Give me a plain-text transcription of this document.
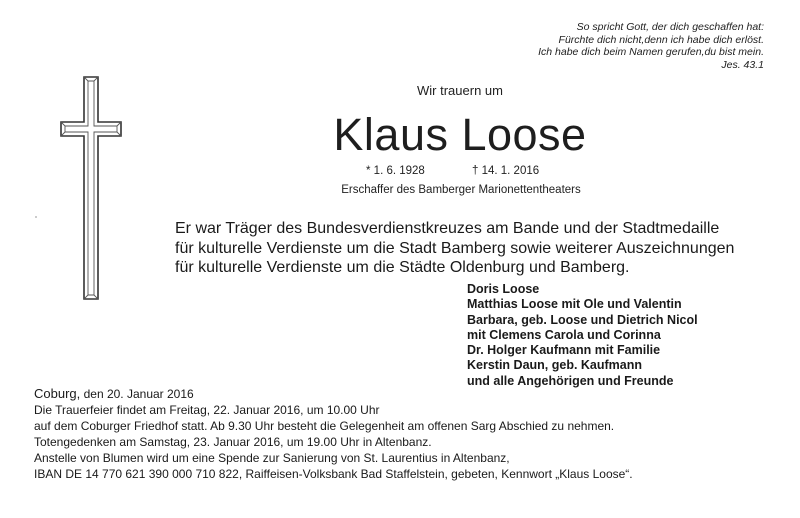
So spricht Gott, der dich geschaffen hat:
Fürchte dich nicht,denn ich habe dich erlöst.
Ich habe dich beim Namen gerufen,du bist mein.
Jes. 43.1
Wir trauern um
Klaus Loose
* 1. 6. 1928	† 14. 1. 2016
Erschaffer des Bamberger Marionettentheaters
Er war Träger des Bundesverdienstkreuzes am Bande und der Stadtmedaille
für kulturelle Verdienste um die Stadt Bamberg sowie weiterer Auszeichnungen
für kulturelle Verdienste um die Städte Oldenburg und Bamberg.
Doris Loose
Matthias Loose mit Ole und Valentin
Barbara, geb. Loose und Dietrich Nicol
mit Clemens Carola und Corinna
Dr. Holger Kaufmann mit Familie
Kerstin Daun, geb. Kaufmann
und alle Angehörigen und Freunde
Coburg, den 20. Januar 2016
Die Trauerfeier findet am Freitag, 22. Januar 2016, um 10.00 Uhr
auf dem Coburger Friedhof statt. Ab 9.30 Uhr besteht die Gelegenheit am offenen Sarg Abschied zu nehmen.
Totengedenken am Samstag, 23. Januar 2016, um 19.00 Uhr in Altenbanz.
Anstelle von Blumen wird um eine Spende zur Sanierung von St. Laurentius in Altenbanz,
IBAN DE 14 770 621 390 000 710 822, Raiffeisen-Volksbank Bad Staffelstein, gebeten, Kennwort „Klaus Loose“.
